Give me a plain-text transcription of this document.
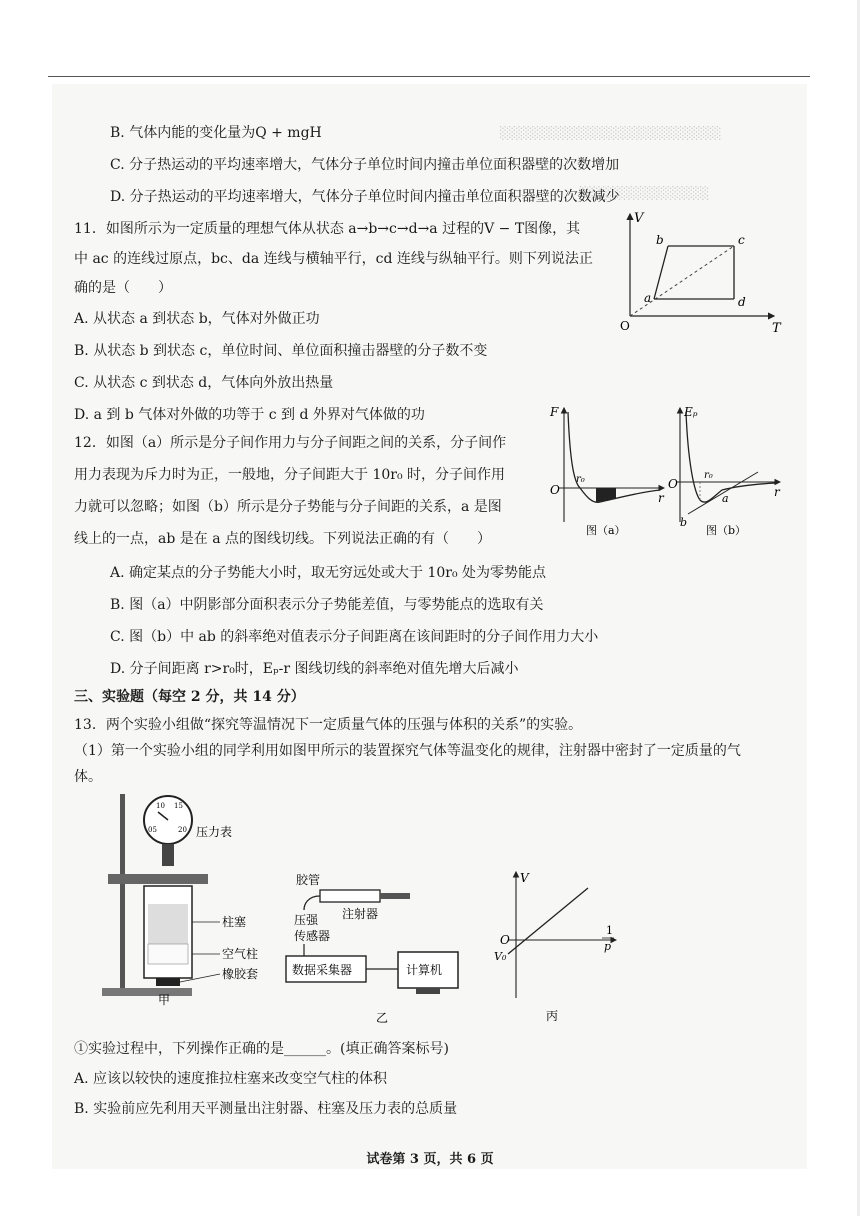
░░░░░░░░░░░░░░░░░░░░░░░░
░░░░░░░░░░░░░░
B. 气体内能的变化量为Q + mgH
C. 分子热运动的平均速率增大，气体分子单位时间内撞击单位面积器壁的次数增加
D. 分子热运动的平均速率增大，气体分子单位时间内撞击单位面积器壁的次数减少
11．如图所示为一定质量的理想气体从状态 a→b→c→d→a 过程的V − T图像，其
中 ac 的连线过原点，bc、da 连线与横轴平行，cd 连线与纵轴平行。则下列说法正
确的是（　　）
A. 从状态 a 到状态 b，气体对外做正功
B. 从状态 b 到状态 c，单位时间、单位面积撞击器壁的分子数不变
C. 从状态 c 到状态 d，气体向外放出热量
D. a 到 b 气体对外做的功等于 c 到 d 外界对气体做的功
V
T
O
a
b	c
d
12．如图（a）所示是分子间作用力与分子间距之间的关系，分子间作
用力表现为斥力时为正，一般地，分子间距大于 10r₀ 时，分子间作用
力就可以忽略；如图（b）所示是分子势能与分子间距的关系，a 是图
线上的一点，ab 是在 a 点的图线切线。下列说法正确的有（　　）
A. 确定某点的分子势能大小时，取无穷远处或大于 10r₀ 处为零势能点
B. 图（a）中阴影部分面积表示分子势能差值，与零势能点的选取有关
C. 图（b）中 ab 的斜率绝对值表示分子间距离在该间距时的分子间作用力大小
D. 分子间距离 r>r₀时，Eₚ-r 图线切线的斜率绝对值先增大后减小
F
r
O
r₀
图（a）
Eₚ
r
O
r₀
a
b
图（b）
三、实验题（每空 2 分，共 14 分）
13．两个实验小组做“探究等温情况下一定质量气体的压强与体积的关系”的实验。
（1）第一个实验小组的同学利用如图甲所示的装置探究气体等温变化的规律，注射器中密封了一定质量的气
体。
05
10 15
20 压力表
柱塞
空气柱
橡胶套
甲
胶管
注射器
压强
传感器
数据采集器	计算机
乙
V
1
p
O
V₀
丙
①实验过程中，下列操作正确的是______。(填正确答案标号)
A. 应该以较快的速度推拉柱塞来改变空气柱的体积
B. 实验前应先利用天平测量出注射器、柱塞及压力表的总质量
试卷第 3 页，共 6 页
